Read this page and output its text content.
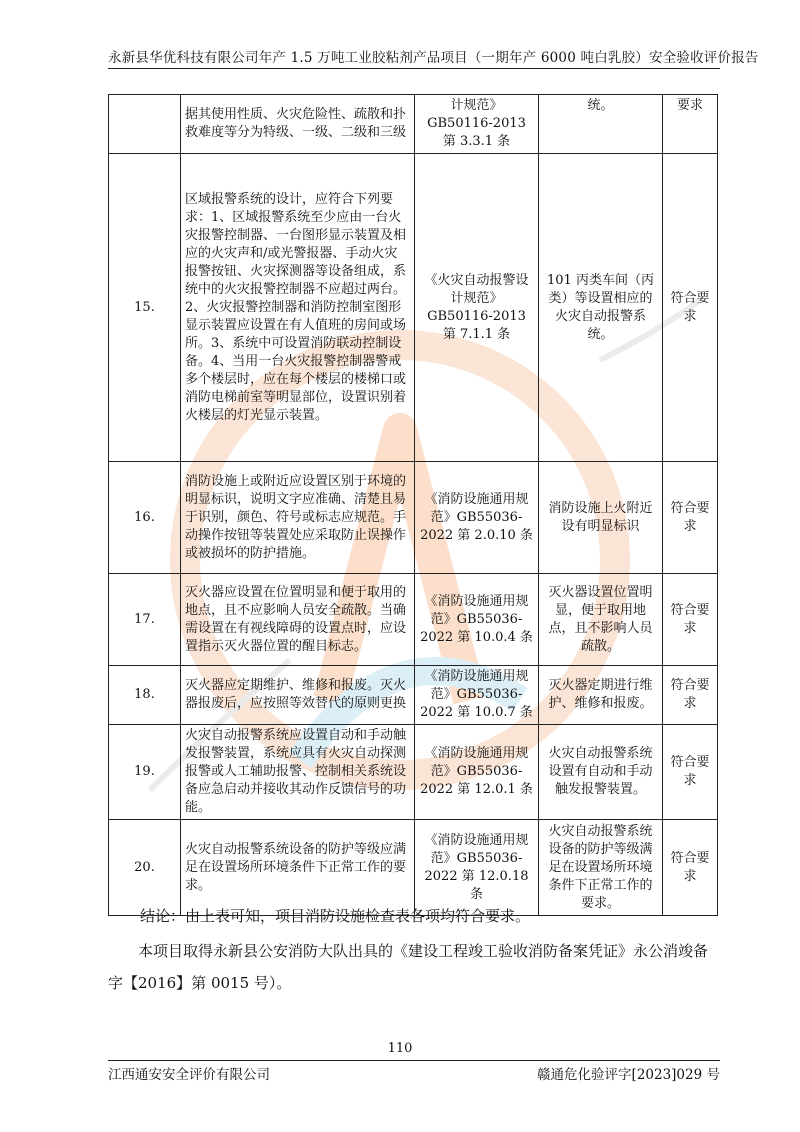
永新县华优科技有限公司年产 1.5 万吨工业胶粘剂产品项目（一期年产 6000 吨白乳胶）安全验收评价报告
	据其使用性质、火灾危险性、疏散和扑救难度等分为特级、一级、二级和三级	计规范》GB50116-2013 第 3.3.1 条	统。	要求
15.	区域报警系统的设计，应符合下列要求：1、区域报警系统至少应由一台火灾报警控制器、一台图形显示装置及相应的火灾声和/或光警报器、手动火灾报警按钮、火灾探测器等设备组成，系统中的火灾报警控制器不应超过两台。2、火灾报警控制器和消防控制室图形显示装置应设置在有人值班的房间或场所。3、系统中可设置消防联动控制设备。4、当用一台火灾报警控制器警戒多个楼层时，应在每个楼层的楼梯口或消防电梯前室等明显部位，设置识别着火楼层的灯光显示装置。	《火灾自动报警设计规范》GB50116-2013 第 7.1.1 条	101 丙类车间（丙类）等设置相应的火灾自动报警系统。	符合要求
16.	消防设施上或附近应设置区别于环境的明显标识，说明文字应准确、清楚且易于识别，颜色、符号或标志应规范。手动操作按钮等装置处应采取防止误操作或被损坏的防护措施。	《消防设施通用规范》GB55036-2022 第 2.0.10 条	消防设施上火附近设有明显标识	符合要求
17.	灭火器应设置在位置明显和便于取用的地点，且不应影响人员安全疏散。当确需设置在有视线障碍的设置点时，应设置指示灭火器位置的醒目标志。	《消防设施通用规范》GB55036-2022 第 10.0.4 条	灭火器设置位置明显，便于取用地点，且不影响人员疏散。	符合要求
18.	灭火器应定期维护、维修和报废。灭火器报废后，应按照等效替代的原则更换	《消防设施通用规范》GB55036-2022 第 10.0.7 条	灭火器定期进行维护、维修和报废。	符合要求
19.	火灾自动报警系统应设置自动和手动触发报警装置，系统应具有火灾自动探测报警或人工辅助报警、控制相关系统设备应急启动并接收其动作反馈信号的功能。	《消防设施通用规范》GB55036-2022 第 12.0.1 条	火灾自动报警系统设置有自动和手动触发报警装置。	符合要求
20.	火灾自动报警系统设备的防护等级应满足在设置场所环境条件下正常工作的要求。	《消防设施通用规范》GB55036-2022 第 12.0.18 条	火灾自动报警系统设备的防护等级满足在设置场所环境条件下正常工作的要求。	符合要求
结论：由上表可知，项目消防设施检查表各项均符合要求。
本项目取得永新县公安消防大队出具的《建设工程竣工验收消防备案凭证》永公消竣备字【2016】第 0015 号）。
110
江西通安安全评价有限公司	赣通危化验评字[2023]029 号
